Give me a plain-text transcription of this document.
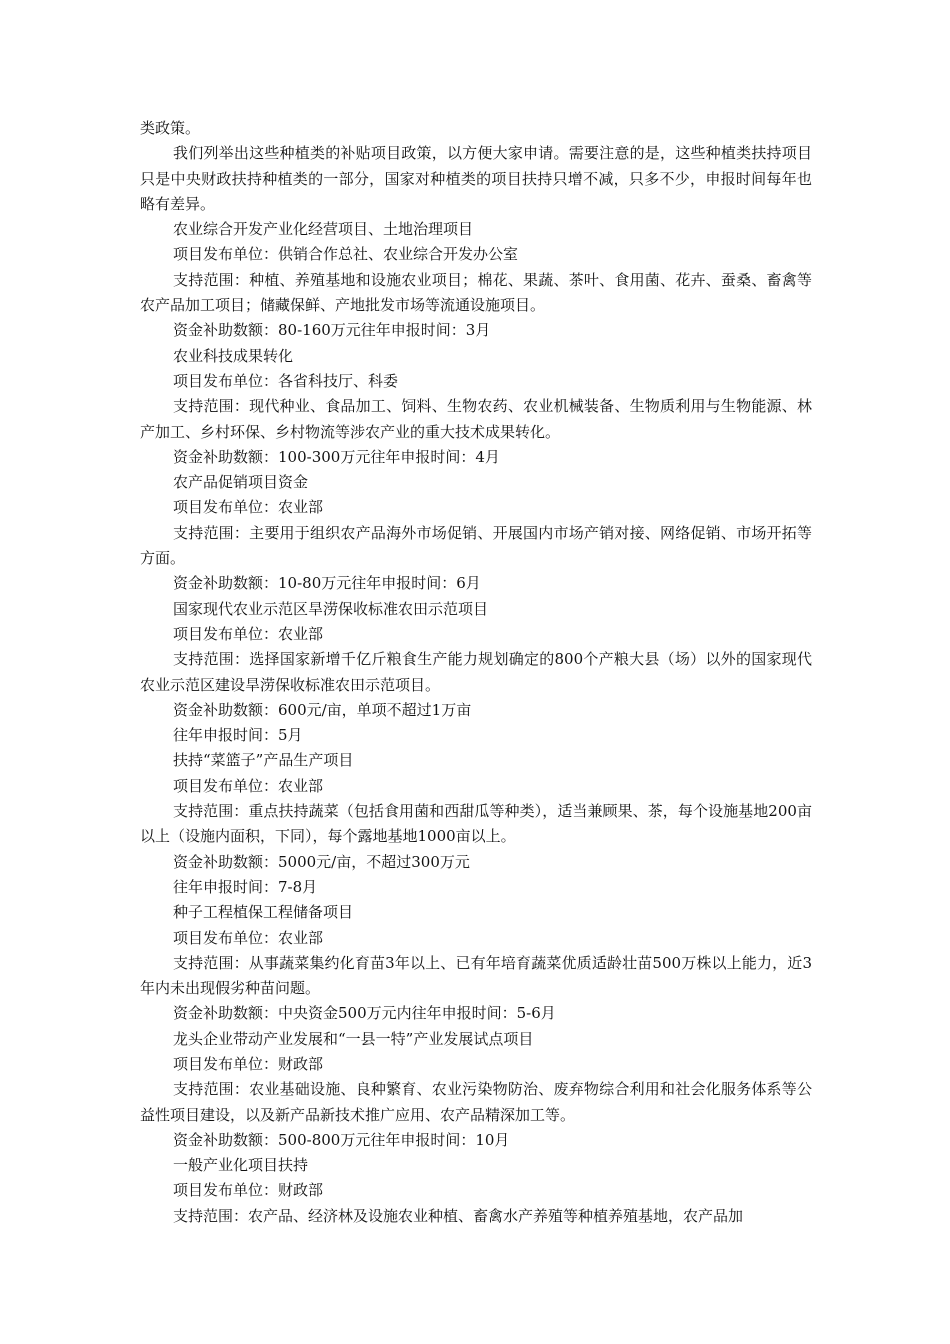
类政策。

我们列举出这些种植类的补贴项目政策，以方便大家申请。需要注意的是，这些种植类扶持项目只是中央财政扶持种植类的一部分，国家对种植类的项目扶持只增不减，只多不少，申报时间每年也略有差异。

农业综合开发产业化经营项目、土地治理项目

项目发布单位：供销合作总社、农业综合开发办公室

支持范围：种植、养殖基地和设施农业项目；棉花、果蔬、茶叶、食用菌、花卉、蚕桑、畜禽等农产品加工项目；储藏保鲜、产地批发市场等流通设施项目。

资金补助数额：80-160万元往年申报时间：3月

农业科技成果转化

项目发布单位：各省科技厅、科委

支持范围：现代种业、食品加工、饲料、生物农药、农业机械装备、生物质利用与生物能源、林产加工、乡村环保、乡村物流等涉农产业的重大技术成果转化。

资金补助数额：100-300万元往年申报时间：4月

农产品促销项目资金

项目发布单位：农业部

支持范围：主要用于组织农产品海外市场促销、开展国内市场产销对接、网络促销、市场开拓等方面。

资金补助数额：10-80万元往年申报时间：6月

国家现代农业示范区旱涝保收标准农田示范项目

项目发布单位：农业部

支持范围：选择国家新增千亿斤粮食生产能力规划确定的800个产粮大县（场）以外的国家现代农业示范区建设旱涝保收标准农田示范项目。

资金补助数额：600元/亩，单项不超过1万亩

往年申报时间：5月

扶持“菜篮子”产品生产项目

项目发布单位：农业部

支持范围：重点扶持蔬菜（包括食用菌和西甜瓜等种类），适当兼顾果、茶，每个设施基地200亩以上（设施内面积，下同），每个露地基地1000亩以上。

资金补助数额：5000元/亩，不超过300万元

往年申报时间：7-8月

种子工程植保工程储备项目

项目发布单位：农业部

支持范围：从事蔬菜集约化育苗3年以上、已有年培育蔬菜优质适龄壮苗500万株以上能力，近3年内未出现假劣种苗问题。

资金补助数额：中央资金500万元内往年申报时间：5-6月

龙头企业带动产业发展和“一县一特”产业发展试点项目

项目发布单位：财政部

支持范围：农业基础设施、良种繁育、农业污染物防治、废弃物综合利用和社会化服务体系等公益性项目建设，以及新产品新技术推广应用、农产品精深加工等。

资金补助数额：500-800万元往年申报时间：10月

一般产业化项目扶持

项目发布单位：财政部

支持范围：农产品、经济林及设施农业种植、畜禽水产养殖等种植养殖基地，农产品加
